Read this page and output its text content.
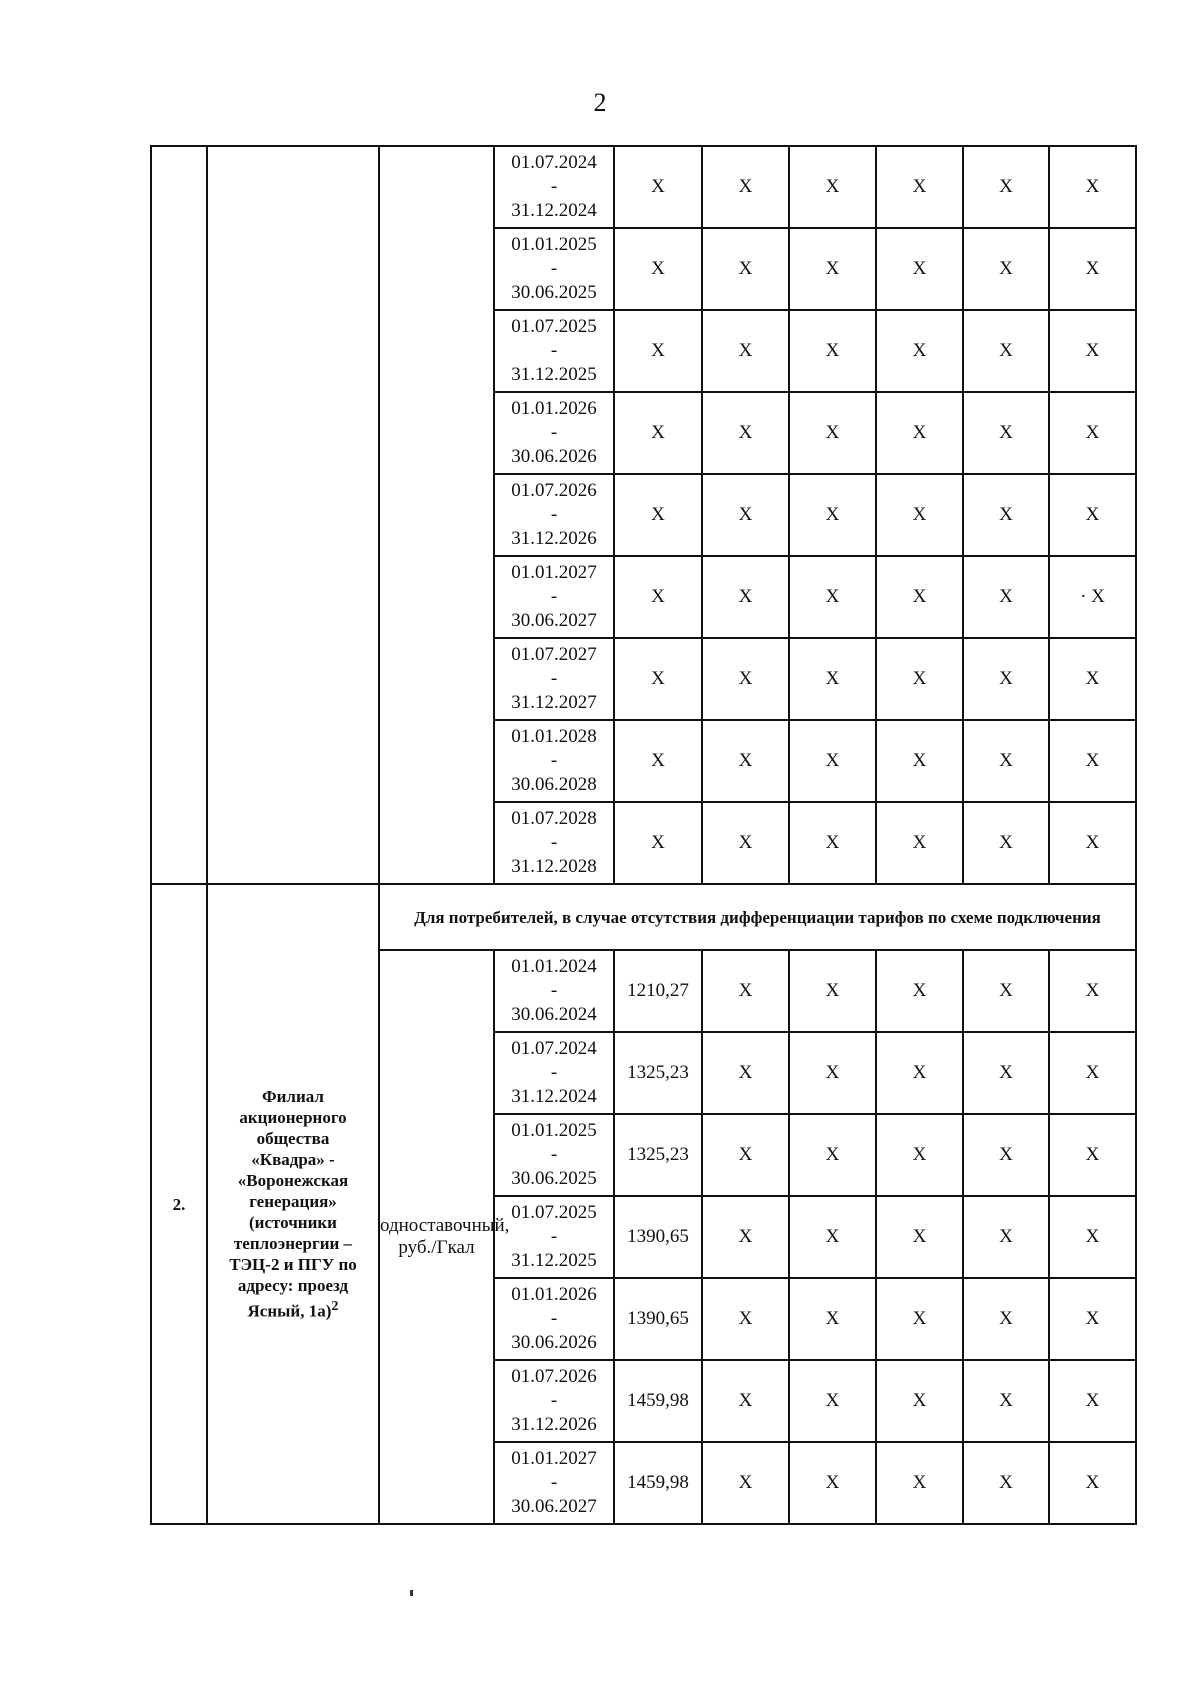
2

			01.07.2024
-
31.12.2024	X	X	X	X	X	X

			01.01.2025
-
30.06.2025	X	X	X	X	X	X

			01.07.2025
-
31.12.2025	X	X	X	X	X	X

			01.01.2026
-
30.06.2026	X	X	X	X	X	X

			01.07.2026
-
31.12.2026	X	X	X	X	X	X

			01.01.2027
-
30.06.2027	X	X	X	X	X	· X

			01.07.2027
-
31.12.2027	X	X	X	X	X	X

			01.01.2028
-
30.06.2028	X	X	X	X	X	X

			01.07.2028
-
31.12.2028	X	X	X	X	X	X
2.	Филиал акционерного общества «Квадра» - «Воронежская генерация» (источники теплоэнергии – ТЭЦ-2 и ПГУ по адресу: проезд Ясный, 1а)$^2$	Для потребителей, в случае отсутствия дифференциации тарифов по схеме подключения							
		одноставочный, руб./Гкал	01.01.2024
-
30.06.2024	1210,27	X	X	X	X	X

			01.07.2024
-
31.12.2024	1325,23	X	X	X	X	X

			01.01.2025
-
30.06.2025	1325,23	X	X	X	X	X

			01.07.2025
-
31.12.2025	1390,65	X	X	X	X	X

			01.01.2026
-
30.06.2026	1390,65	X	X	X	X	X

			01.07.2026
-
31.12.2026	1459,98	X	X	X	X	X

			01.01.2027
-
30.06.2027	1459,98	X	X	X	X	X
